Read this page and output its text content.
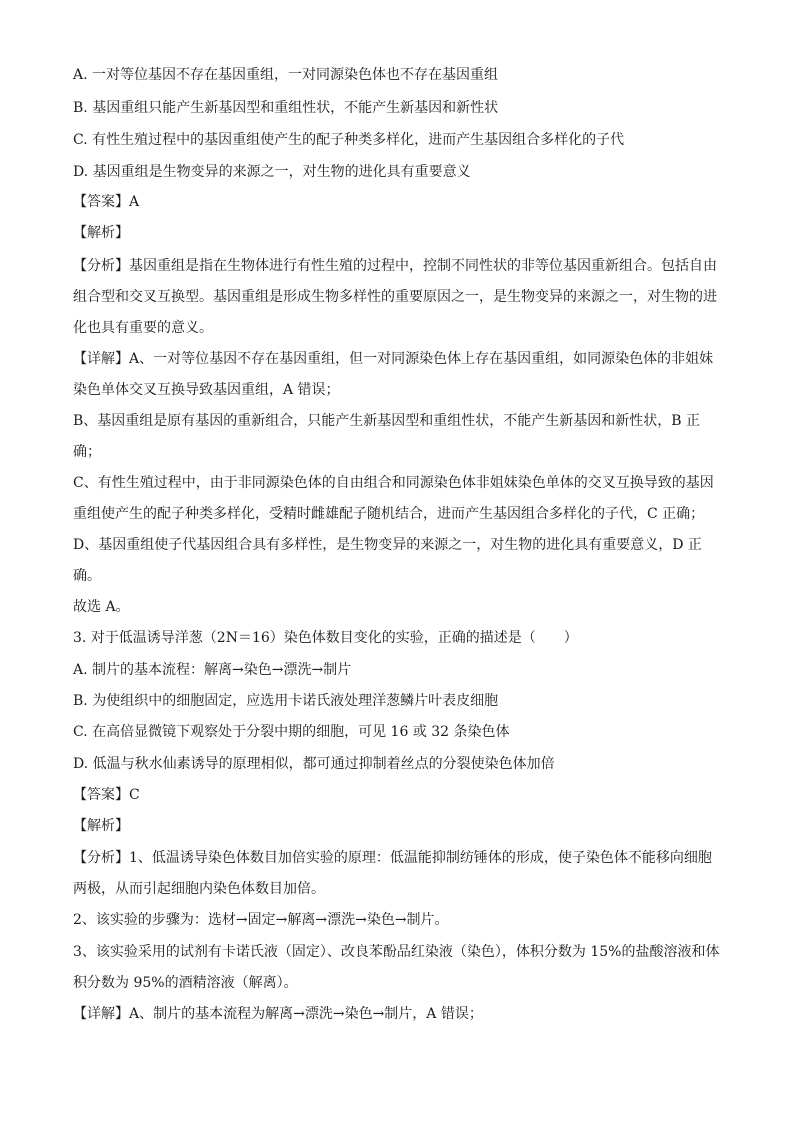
A. 一对等位基因不存在基因重组，一对同源染色体也不存在基因重组
B. 基因重组只能产生新基因型和重组性状，不能产生新基因和新性状
C. 有性生殖过程中的基因重组使产生的配子种类多样化，进而产生基因组合多样化的子代
D. 基因重组是生物变异的来源之一，对生物的进化具有重要意义
【答案】A
【解析】
【分析】基因重组是指在生物体进行有性生殖的过程中，控制不同性状的非等位基因重新组合。包括自由
组合型和交叉互换型。基因重组是形成生物多样性的重要原因之一，是生物变异的来源之一，对生物的进
化也具有重要的意义。
【详解】A、一对等位基因不存在基因重组，但一对同源染色体上存在基因重组，如同源染色体的非姐妹
染色单体交叉互换导致基因重组，A 错误；
B、基因重组是原有基因的重新组合，只能产生新基因型和重组性状，不能产生新基因和新性状，B 正
确；
C、有性生殖过程中，由于非同源染色体的自由组合和同源染色体非姐妹染色单体的交叉互换导致的基因
重组使产生的配子种类多样化，受精时雌雄配子随机结合，进而产生基因组合多样化的子代，C 正确；
D、基因重组使子代基因组合具有多样性，是生物变异的来源之一，对生物的进化具有重要意义，D 正
确。
故选 A。
3. 对于低温诱导洋葱（2N＝16）染色体数目变化的实验，正确的描述是（　　）
A. 制片的基本流程：解离→染色→漂洗→制片
B. 为使组织中的细胞固定，应选用卡诺氏液处理洋葱鳞片叶表皮细胞
C. 在高倍显微镜下观察处于分裂中期的细胞，可见 16 或 32 条染色体
D. 低温与秋水仙素诱导的原理相似，都可通过抑制着丝点的分裂使染色体加倍
【答案】C
【解析】
【分析】1、低温诱导染色体数目加倍实验的原理：低温能抑制纺锤体的形成，使子染色体不能移向细胞
两极，从而引起细胞内染色体数目加倍。
2、该实验的步骤为：选材→固定→解离→漂洗→染色→制片。
3、该实验采用的试剂有卡诺氏液（固定）、改良苯酚品红染液（染色），体积分数为 15%的盐酸溶液和体
积分数为 95%的酒精溶液（解离）。
【详解】A、制片的基本流程为解离→漂洗→染色→制片，A 错误；
